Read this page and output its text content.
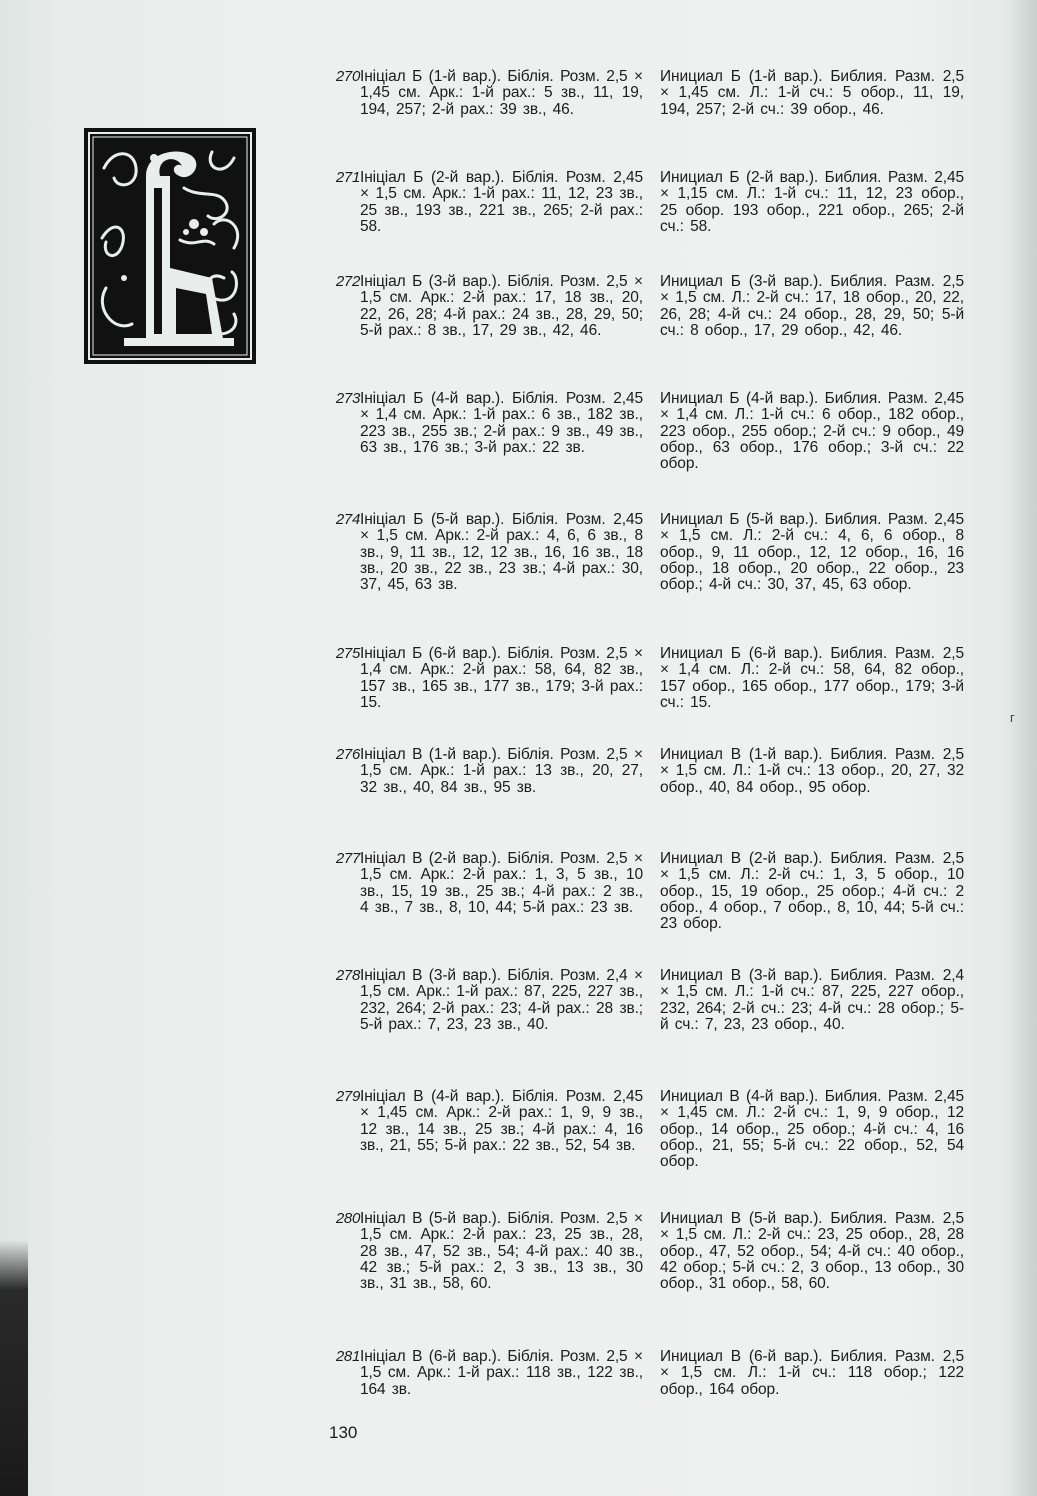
270 Ініціал Б (1-й вар.). Біблія. Розм. 2,5 × 1,45 см. Арк.: 1-й рах.: 5 зв., 11, 19, 194, 257; 2-й рах.: 39 зв., 46.
Инициал Б (1-й вар.). Библия. Разм. 2,5 × 1,45 см. Л.: 1-й сч.: 5 обор., 11, 19, 194, 257; 2-й сч.: 39 обор., 46.
271 Ініціал Б (2-й вар.). Біблія. Розм. 2,45 × 1,5 см. Арк.: 1-й рах.: 11, 12, 23 зв., 25 зв., 193 зв., 221 зв., 265; 2-й рах.: 58.
Инициал Б (2-й вар.). Библия. Разм. 2,45 × 1,15 см. Л.: 1-й сч.: 11, 12, 23 обор., 25 обор. 193 обор., 221 обор., 265; 2-й сч.: 58.
272 Ініціал Б (3-й вар.). Біблія. Розм. 2,5 × 1,5 см. Арк.: 2-й рах.: 17, 18 зв., 20, 22, 26, 28; 4-й рах.: 24 зв., 28, 29, 50; 5-й рах.: 8 зв., 17, 29 зв., 42, 46.
Инициал Б (3-й вар.). Библия. Разм. 2,5 × 1,5 см. Л.: 2-й сч.: 17, 18 обор., 20, 22, 26, 28; 4-й сч.: 24 обор., 28, 29, 50; 5-й сч.: 8 обор., 17, 29 обор., 42, 46.
273 Ініціал Б (4-й вар.). Біблія. Розм. 2,45 × 1,4 см. Арк.: 1-й рах.: 6 зв., 182 зв., 223 зв., 255 зв.; 2-й рах.: 9 зв., 49 зв., 63 зв., 176 зв.; 3-й рах.: 22 зв.
Инициал Б (4-й вар.). Библия. Разм. 2,45 × 1,4 см. Л.: 1-й сч.: 6 обор., 182 обор., 223 обор., 255 обор.; 2-й сч.: 9 обор., 49 обор., 63 обор., 176 обор.; 3-й сч.: 22 обор.
274 Ініціал Б (5-й вар.). Біблія. Розм. 2,45 × 1,5 см. Арк.: 2-й рах.: 4, 6, 6 зв., 8 зв., 9, 11 зв., 12, 12 зв., 16, 16 зв., 18 зв., 20 зв., 22 зв., 23 зв.; 4-й рах.: 30, 37, 45, 63 зв.
Инициал Б (5-й вар.). Библия. Разм. 2,45 × 1,5 см. Л.: 2-й сч.: 4, 6, 6 обор., 8 обор., 9, 11 обор., 12, 12 обор., 16, 16 обор., 18 обор., 20 обор., 22 обор., 23 обор.; 4-й сч.: 30, 37, 45, 63 обор.
275 Ініціал Б (6-й вар.). Біблія. Розм. 2,5 × 1,4 см. Арк.: 2-й рах.: 58, 64, 82 зв., 157 зв., 165 зв., 177 зв., 179; 3-й рах.: 15.
Инициал Б (6-й вар.). Библия. Разм. 2,5 × 1,4 см. Л.: 2-й сч.: 58, 64, 82 обор., 157 обор., 165 обор., 177 обор., 179; 3-й сч.: 15.
276 Ініціал В (1-й вар.). Біблія. Розм. 2,5 × 1,5 см. Арк.: 1-й рах.: 13 зв., 20, 27, 32 зв., 40, 84 зв., 95 зв.
Инициал В (1-й вар.). Библия. Разм. 2,5 × 1,5 см. Л.: 1-й сч.: 13 обор., 20, 27, 32 обор., 40, 84 обор., 95 обор.
277 Ініціал В (2-й вар.). Біблія. Розм. 2,5 × 1,5 см. Арк.: 2-й рах.: 1, 3, 5 зв., 10 зв., 15, 19 зв., 25 зв.; 4-й рах.: 2 зв., 4 зв., 7 зв., 8, 10, 44; 5-й рах.: 23 зв.
Инициал В (2-й вар.). Библия. Разм. 2,5 × 1,5 см. Л.: 2-й сч.: 1, 3, 5 обор., 10 обор., 15, 19 обор., 25 обор.; 4-й сч.: 2 обор., 4 обор., 7 обор., 8, 10, 44; 5-й сч.: 23 обор.
278 Ініціал В (3-й вар.). Біблія. Розм. 2,4 × 1,5 см. Арк.: 1-й рах.: 87, 225, 227 зв., 232, 264; 2-й рах.: 23; 4-й рах.: 28 зв.; 5-й рах.: 7, 23, 23 зв., 40.
Инициал В (3-й вар.). Библия. Разм. 2,4 × 1,5 см. Л.: 1-й сч.: 87, 225, 227 обор., 232, 264; 2-й сч.: 23; 4-й сч.: 28 обор.; 5-й сч.: 7, 23, 23 обор., 40.
279 Ініціал В (4-й вар.). Біблія. Розм. 2,45 × 1,45 см. Арк.: 2-й рах.: 1, 9, 9 зв., 12 зв., 14 зв., 25 зв.; 4-й рах.: 4, 16 зв., 21, 55; 5-й рах.: 22 зв., 52, 54 зв.
Инициал В (4-й вар.). Библия. Разм. 2,45 × 1,45 см. Л.: 2-й сч.: 1, 9, 9 обор., 12 обор., 14 обор., 25 обор.; 4-й сч.: 4, 16 обор., 21, 55; 5-й сч.: 22 обор., 52, 54 обор.
280 Ініціал В (5-й вар.). Біблія. Розм. 2,5 × 1,5 см. Арк.: 2-й рах.: 23, 25 зв., 28, 28 зв., 47, 52 зв., 54; 4-й рах.: 40 зв., 42 зв.; 5-й рах.: 2, 3 зв., 13 зв., 30 зв., 31 зв., 58, 60.
Инициал В (5-й вар.). Библия. Разм. 2,5 × 1,5 см. Л.: 2-й сч.: 23, 25 обор., 28, 28 обор., 47, 52 обор., 54; 4-й сч.: 40 обор., 42 обор.; 5-й сч.: 2, 3 обор., 13 обор., 30 обор., 31 обор., 58, 60.
281 Ініціал В (6-й вар.). Біблія. Розм. 2,5 × 1,5 см. Арк.: 1-й рах.: 118 зв., 122 зв., 164 зв.
Инициал В (6-й вар.). Библия. Разм. 2,5 × 1,5 см. Л.: 1-й сч.: 118 обор.; 122 обор., 164 обор.
130
г
